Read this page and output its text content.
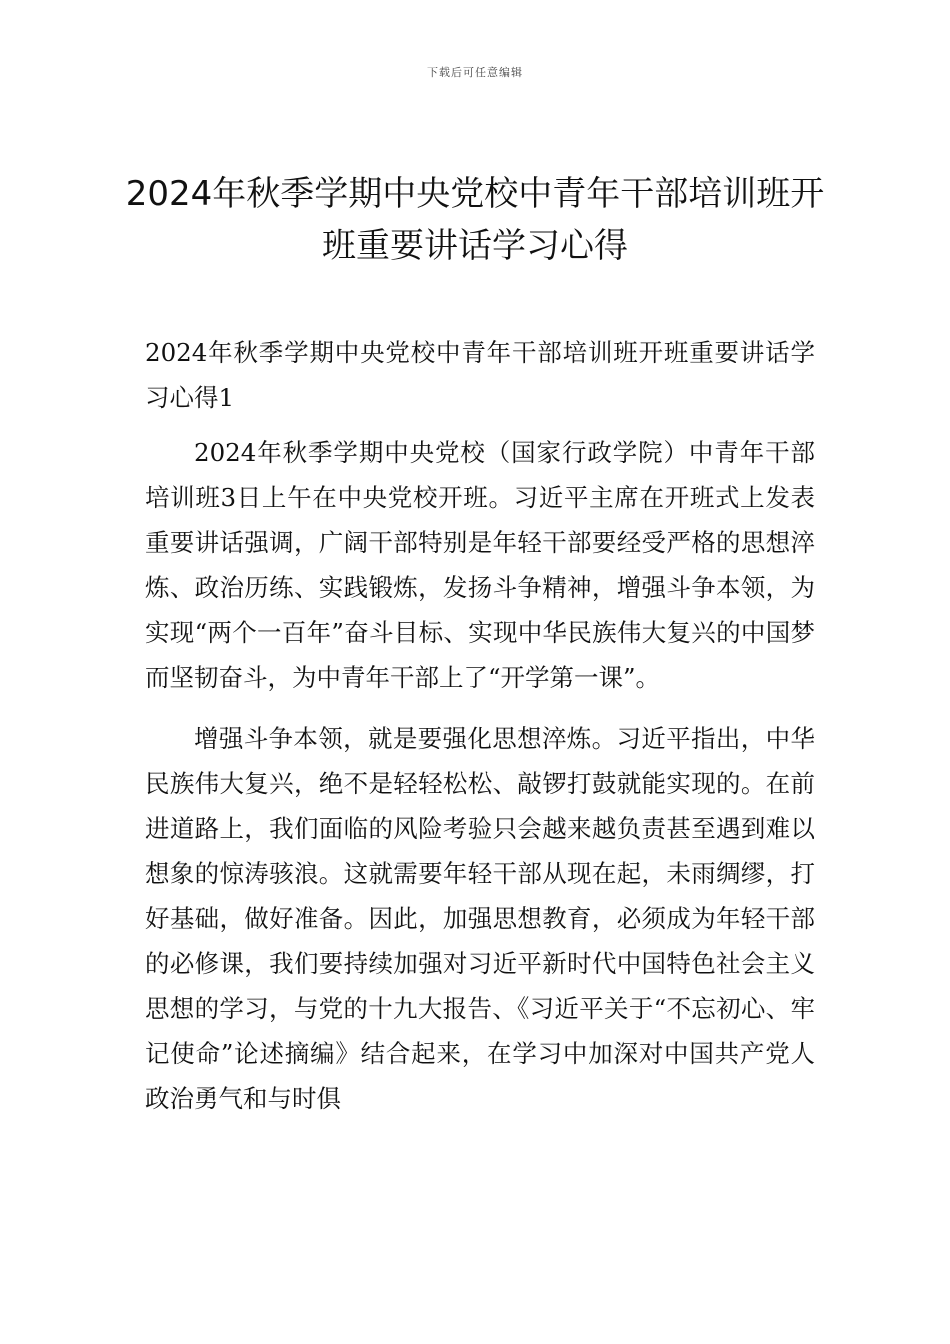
下载后可任意编辑
2024年秋季学期中央党校中青年干部培训班开班重要讲话学习心得

2024年秋季学期中央党校中青年干部培训班开班重要讲话学习心得1

2024年秋季学期中央党校（国家行政学院）中青年干部培训班3日上午在中央党校开班。习近平主席在开班式上发表重要讲话强调，广阔干部特别是年轻干部要经受严格的思想淬炼、政治历练、实践锻炼，发扬斗争精神，增强斗争本领，为实现“两个一百年”奋斗目标、实现中华民族伟大复兴的中国梦而坚韧奋斗，为中青年干部上了“开学第一课”。

增强斗争本领，就是要强化思想淬炼。习近平指出，中华民族伟大复兴，绝不是轻轻松松、敲锣打鼓就能实现的。在前进道路上，我们面临的风险考验只会越来越负责甚至遇到难以想象的惊涛骇浪。这就需要年轻干部从现在起，未雨绸缪，打好基础，做好准备。因此，加强思想教育，必须成为年轻干部的必修课，我们要持续加强对习近平新时代中国特色社会主义思想的学习，与党的十九大报告、《习近平关于“不忘初心、牢记使命”论述摘编》结合起来，在学习中加深对中国共产党人政治勇气和与时俱
